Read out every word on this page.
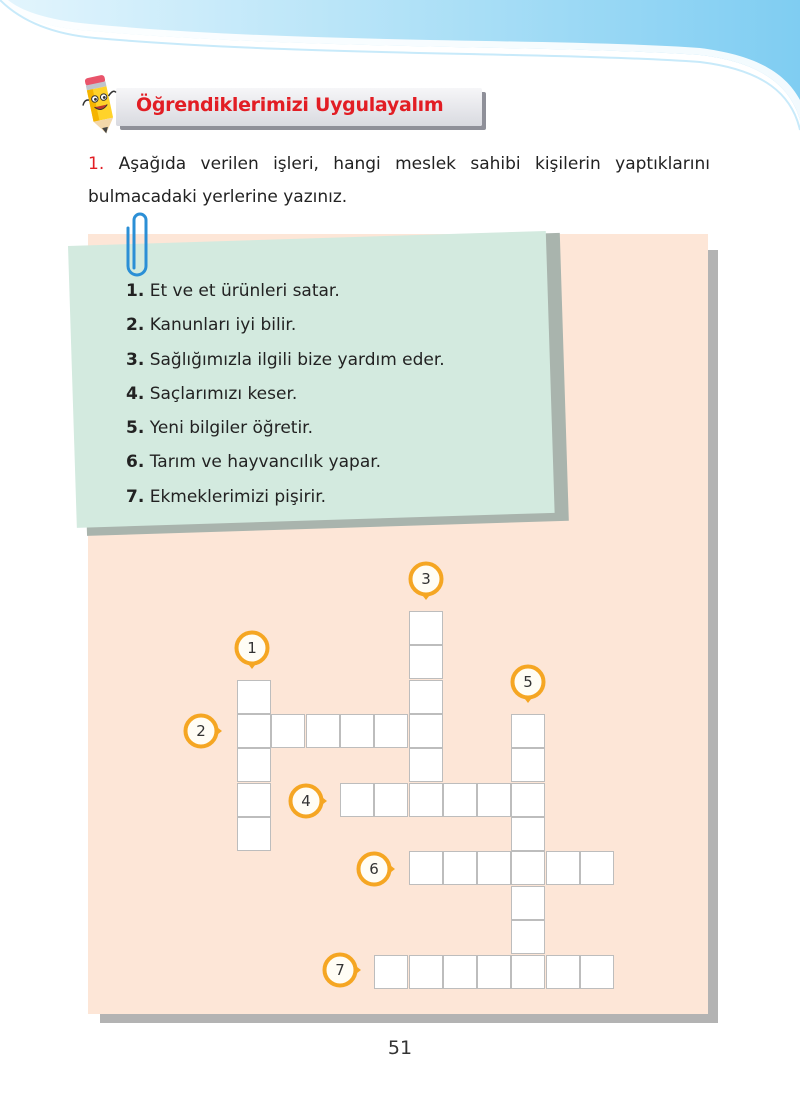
Öğrendiklerimizi Uygulayalım

1. Aşağıda verilen işleri, hangi meslek sahibi kişilerin yaptıklarını bulmacadaki yerlerine yazınız.

1. Et ve et ürünleri satar.
2. Kanunları iyi bilir.
3. Sağlığımızla ilgili bize yardım eder.
4. Saçlarımızı keser.
5. Yeni bilgiler öğretir.
6. Tarım ve hayvancılık yapar.
7. Ekmeklerimizi pişirir.
1
2
3
4
5
6
7
51
